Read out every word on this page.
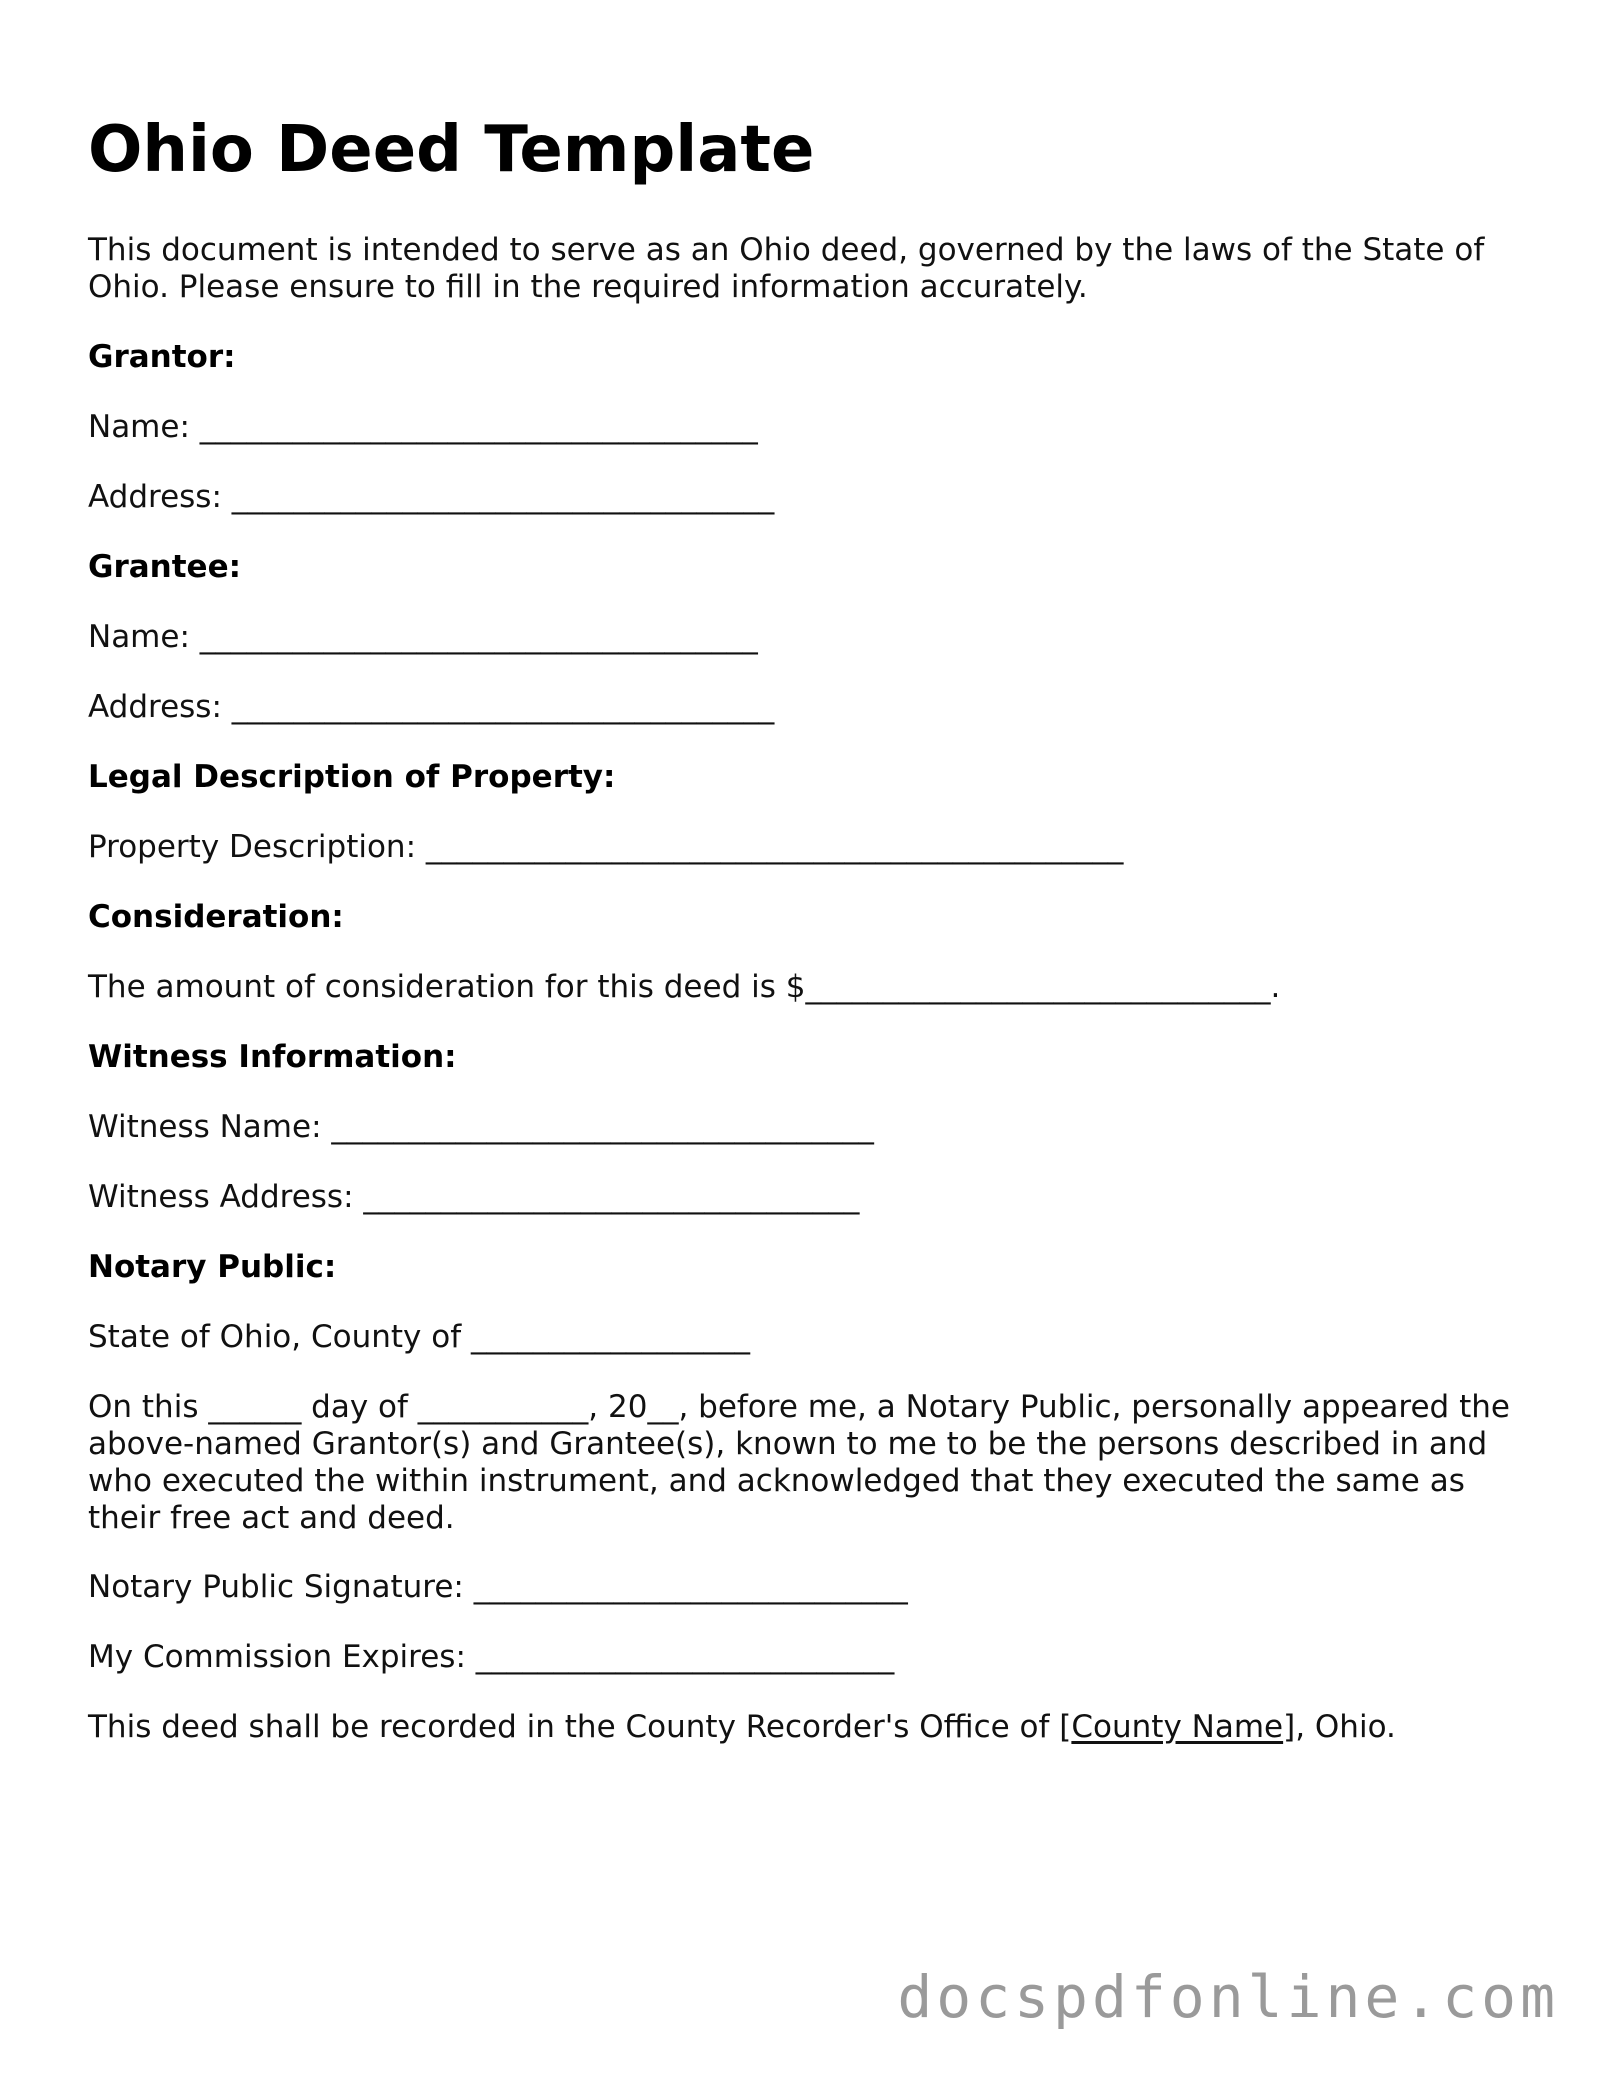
Ohio Deed Template

This document is intended to serve as an Ohio deed, governed by the laws of the State of Ohio. Please ensure to fill in the required information accurately.

Grantor:

Name: ____________________________________

Address: ___________________________________

Grantee:

Name: ____________________________________

Address: ___________________________________

Legal Description of Property:

Property Description: _____________________________________________

Consideration:

The amount of consideration for this deed is $______________________________.

Witness Information:

Witness Name: ___________________________________

Witness Address: ________________________________

Notary Public:

State of Ohio, County of __________________

On this ______ day of ___________, 20__, before me, a Notary Public, personally appeared the above-named Grantor(s) and Grantee(s), known to me to be the persons described in and who executed the within instrument, and acknowledged that they executed the same as their free act and deed.

Notary Public Signature: ____________________________

My Commission Expires: ___________________________

This deed shall be recorded in the County Recorder's Office of [County Name], Ohio.

docspdfonline.com
